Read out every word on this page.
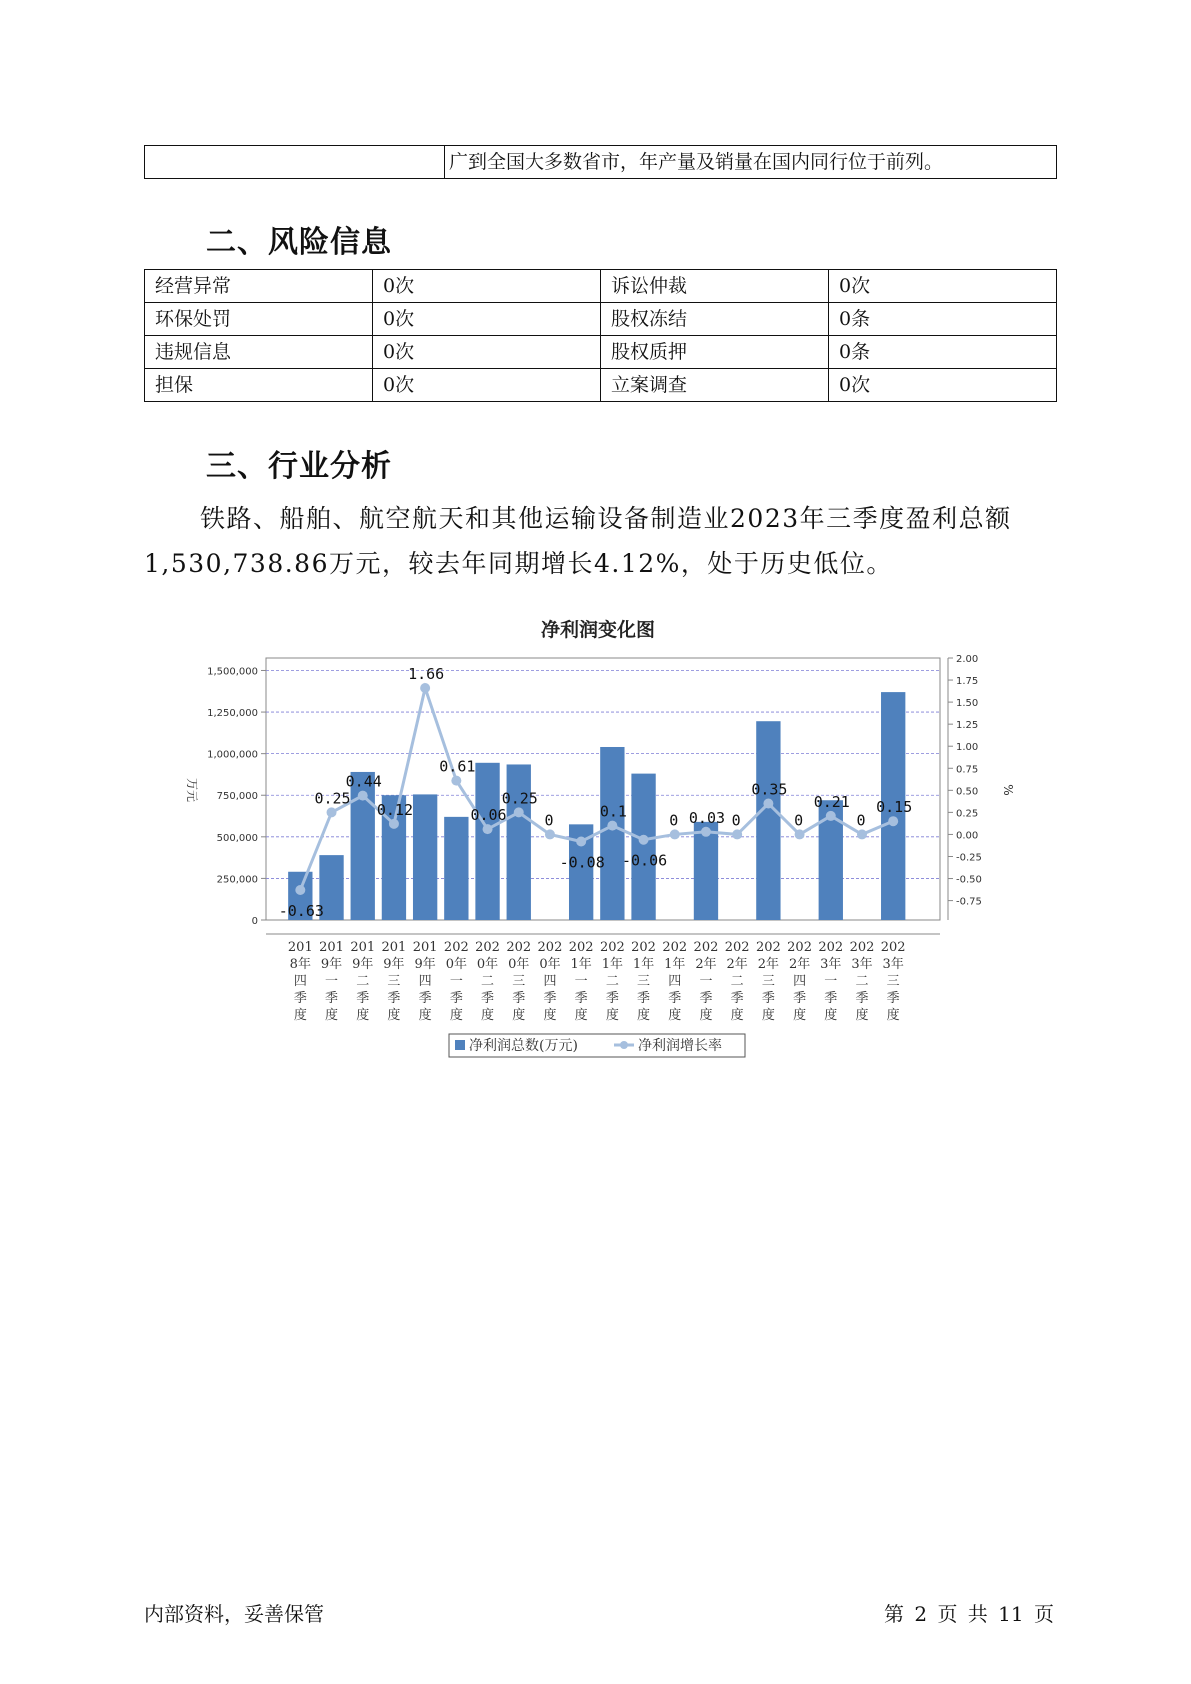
	广到全国大多数省市，年产量及销量在国内同行位于前列。
二、风险信息
经营异常	0次	诉讼仲裁	0次
环保处罚	0次	股权冻结	0条
违规信息	0次	股权质押	0条
担保	0次	立案调查	0次
三、行业分析

铁路、船舶、航空航天和其他运输设备制造业2023年三季度盈利总额

1,530,738.86万元，较去年同期增长4.12%，处于历史低位。

净利润变化图
0
250,000
500,000
750,000
1,000,000
1,250,000
1,500,000
万元
-0.75
-0.50
-0.25
0.00
0.25
0.50
0.75
1.00
1.25
1.50
1.75
2.00
%
201
8年
四
季
度
201
9年
一
季
度
201
9年
二
季
度
201
9年
三
季
度
201
9年
四
季
度
202
0年
一
季
度
202
0年
二
季
度
202
0年
三
季
度
202
0年
四
季
度
202
1年
一
季
度
202
1年
二
季
度
202
1年
三
季
度
202
1年
四
季
度
202
2年
一
季
度
202
2年
二
季
度
202
2年
三
季
度
202
2年
四
季
度
202
3年
一
季
度
202
3年
二
季
度
202
3年
三
季
度
-0.63
0.25
0.44
0.12
1.66
0.61
0.06
0.25
0
-0.08
0.1
-0.06
0 0.03 0
0.35
0
0.21
0
0.15
净利润总数(万元)	净利润增长率
内部资料，妥善保管	第 2 页 共 11 页
